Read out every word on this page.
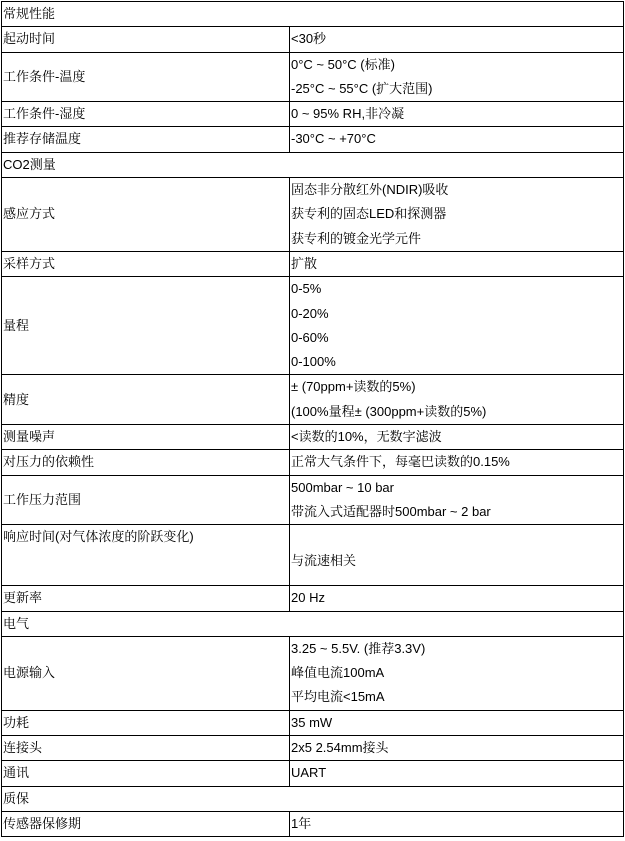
常规性能	
起动时间	<30秒

工作条件-温度	0°C ~ 50°C (标准)
-25°C ~ 55°C (扩大范围)

工作条件-湿度	0 ~ 95% RH,非冷凝

推荐存储温度	-30°C ~ +70°C

CO2测量	
感应方式	固态非分散红外(NDIR)吸收
获专利的固态LED和探测器
获专利的镀金光学元件

采样方式	扩散

量程	0-5%
0-20%
0-60%
0-100%

精度	± (70ppm+读数的5%)
(100%量程± (300ppm+读数的5%)

测量噪声	<读数的10%，无数字滤波

对压力的依赖性	正常大气条件下，每毫巴读数的0.15%

工作压力范围	500mbar ~ 10 bar
带流入式适配器时500mbar ~ 2 bar

响应时间(对气体浓度的阶跃变化)	与流速相关

更新率	20 Hz

电气	
电源输入	3.25 ~ 5.5V. (推荐3.3V)
峰值电流100mA
平均电流<15mA

功耗	35 mW

连接头	2x5 2.54mm接头

通讯	UART

质保	
传感器保修期	1年
